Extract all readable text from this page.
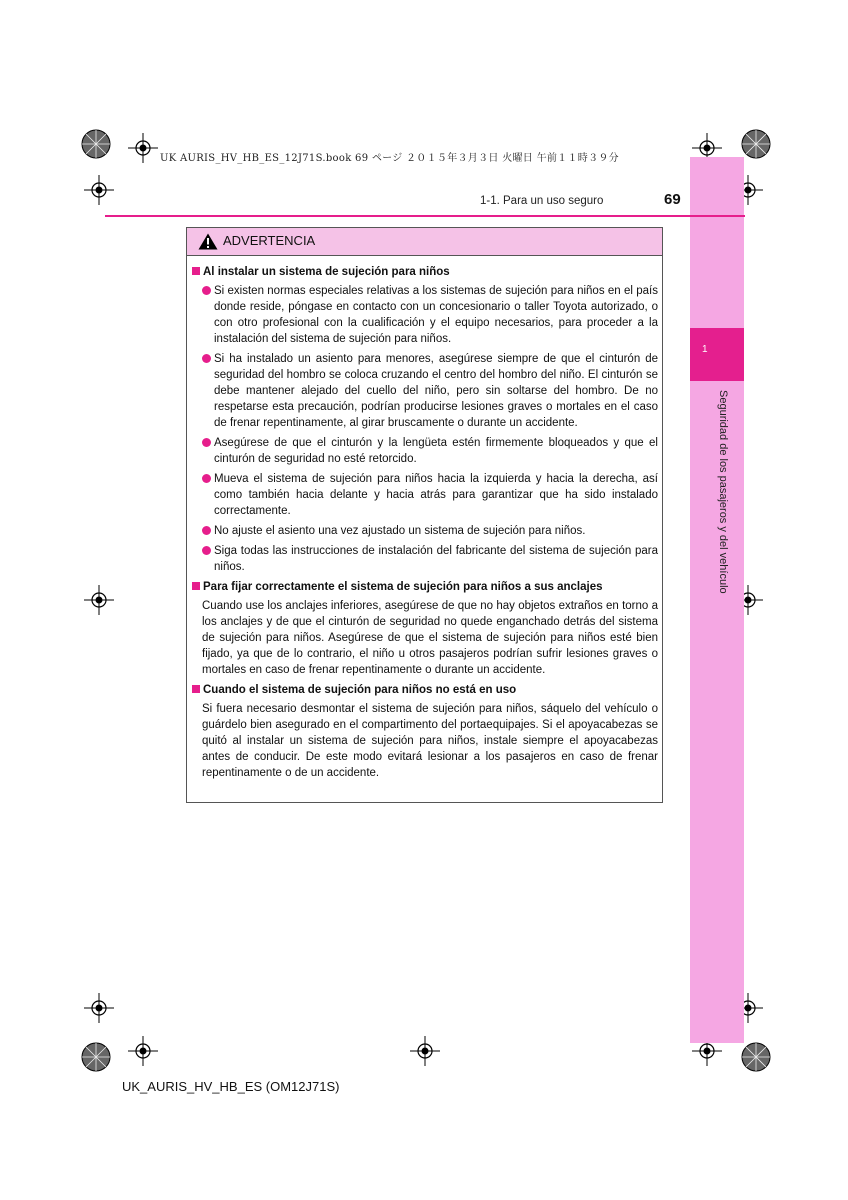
UK AURIS_HV_HB_ES_12J71S.book 69 ページ ２０１５年３月３日 火曜日 午前１１時３９分
1
Seguridad de los pasajeros y del vehículo
1-1. Para un uso seguro	69
ADVERTENCIA
Al instalar un sistema de sujeción para niños
Si existen normas especiales relativas a los sistemas de sujeción para niños en el país donde reside, póngase en contacto con un concesionario o taller Toyota autorizado, o con otro profesional con la cualificación y el equipo necesarios, para proceder a la instalación del sistema de sujeción para niños.
Si ha instalado un asiento para menores, asegúrese siempre de que el cinturón de seguridad del hombro se coloca cruzando el centro del hombro del niño. El cinturón se debe mantener alejado del cuello del niño, pero sin soltarse del hombro. De no respetarse esta precaución, podrían producirse lesiones graves o mortales en el caso de frenar repentinamente, al girar bruscamente o durante un accidente.
Asegúrese de que el cinturón y la lengüeta estén firmemente bloqueados y que el cinturón de seguridad no esté retorcido.
Mueva el sistema de sujeción para niños hacia la izquierda y hacia la derecha, así como también hacia delante y hacia atrás para garantizar que ha sido instalado correctamente.
No ajuste el asiento una vez ajustado un sistema de sujeción para niños.
Siga todas las instrucciones de instalación del fabricante del sistema de sujeción para niños.
Para fijar correctamente el sistema de sujeción para niños a sus anclajes
Cuando use los anclajes inferiores, asegúrese de que no hay objetos extraños en torno a los anclajes y de que el cinturón de seguridad no quede enganchado detrás del sistema de sujeción para niños. Asegúrese de que el sistema de sujeción para niños esté bien fijado, ya que de lo contrario, el niño u otros pasajeros podrían sufrir lesiones graves o mortales en caso de frenar repentinamente o durante un accidente.
Cuando el sistema de sujeción para niños no está en uso
Si fuera necesario desmontar el sistema de sujeción para niños, sáquelo del vehículo o guárdelo bien asegurado en el compartimento del portaequipajes. Si el apoyacabezas se quitó al instalar un sistema de sujeción para niños, instale siempre el apoyacabezas antes de conducir. De este modo evitará lesionar a los pasajeros en caso de frenar repentinamente o de un accidente.
UK_AURIS_HV_HB_ES (OM12J71S)
